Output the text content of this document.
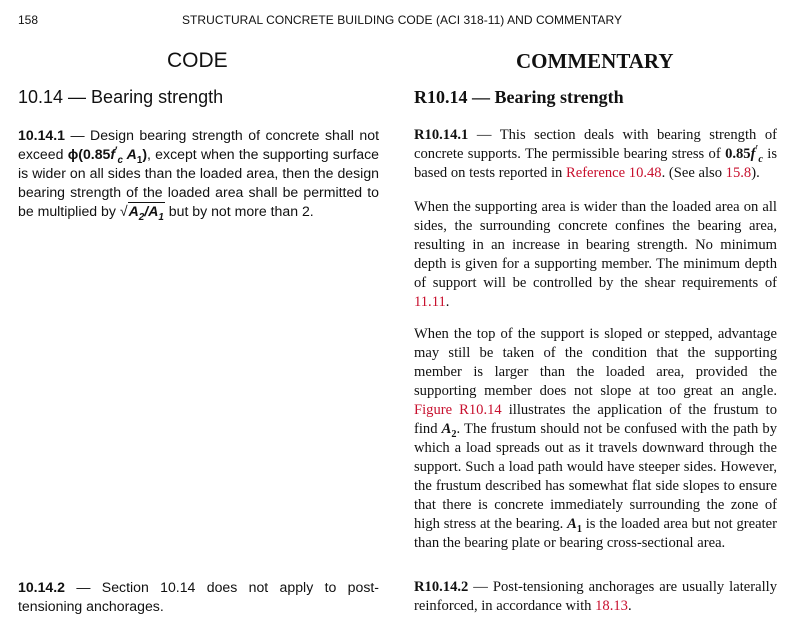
158	STRUCTURAL CONCRETE BUILDING CODE (ACI 318-11) AND COMMENTARY
CODE	COMMENTARY
10.14 — Bearing strength	R10.14 — Bearing strength

10.14.1 — Design bearing strength of concrete shall not exceed $\phi(0.85f'_c$ $A_1$), except when the supporting surface is wider on all sides than the loaded area, then the design bearing strength of the loaded area shall be permitted to be multiplied by $√A_2/A_1$ but by not more than 2.

10.14.2 — Section 10.14 does not apply to post-tensioning anchorages.

R10.14.1 — This section deals with bearing strength of concrete supports. The permissible bearing stress of $0.85f'_c$ is based on tests reported in Reference 10.48. (See also 15.8).

When the supporting area is wider than the loaded area on all sides, the surrounding concrete confines the bearing area, resulting in an increase in bearing strength. No minimum depth is given for a supporting member. The minimum depth of support will be controlled by the shear requirements of 11.11.

When the top of the support is sloped or stepped, advantage may still be taken of the condition that the supporting member is larger than the loaded area, provided the supporting member does not slope at too great an angle. Figure R10.14 illustrates the application of the frustum to find $A_2$. The frustum should not be confused with the path by which a load spreads out as it travels downward through the support. Such a load path would have steeper sides. However, the frustum described has somewhat flat side slopes to ensure that there is concrete immediately surrounding the zone of high stress at the bearing. $A_1$ is the loaded area but not greater than the bearing plate or bearing cross-sectional area.

R10.14.2 — Post-tensioning anchorages are usually laterally reinforced, in accordance with 18.13.
